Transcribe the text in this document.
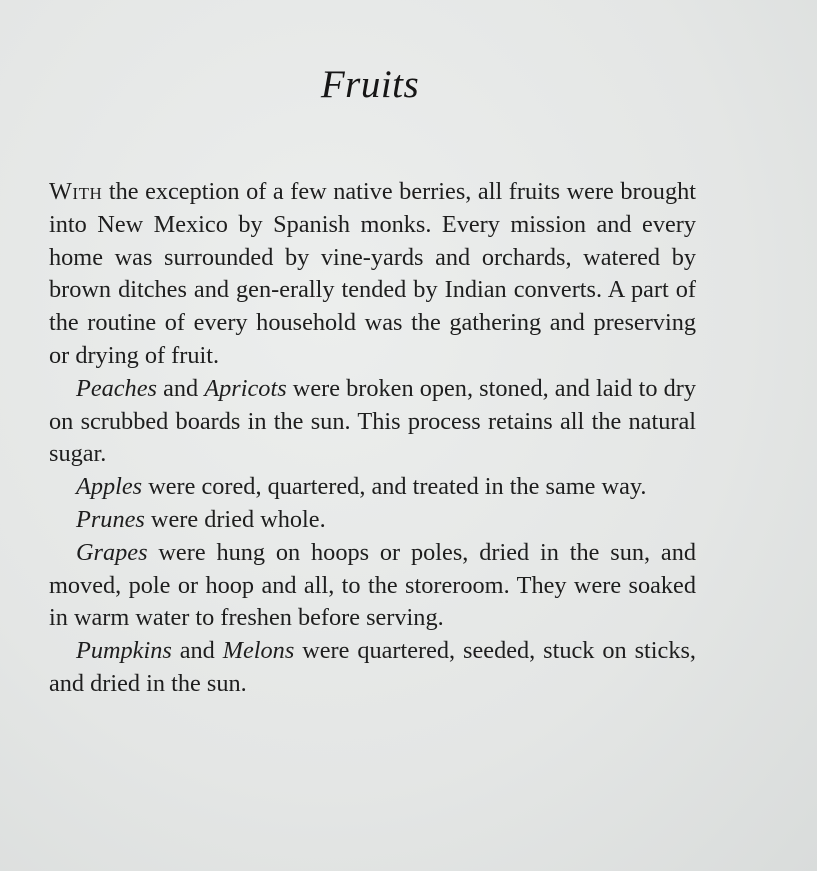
Fruits

With the exception of a few native berries, all fruits were brought into New Mexico by Spanish monks. Every mission and every home was surrounded by vine-yards and orchards, watered by brown ditches and gen-erally tended by Indian converts. A part of the routine of every household was the gathering and preserving or drying of fruit.

Peaches and Apricots were broken open, stoned, and laid to dry on scrubbed boards in the sun. This process retains all the natural sugar.

Apples were cored, quartered, and treated in the same way.

Prunes were dried whole.

Grapes were hung on hoops or poles, dried in the sun, and moved, pole or hoop and all, to the storeroom. They were soaked in warm water to freshen before serving.

Pumpkins and Melons were quartered, seeded, stuck on sticks, and dried in the sun.
